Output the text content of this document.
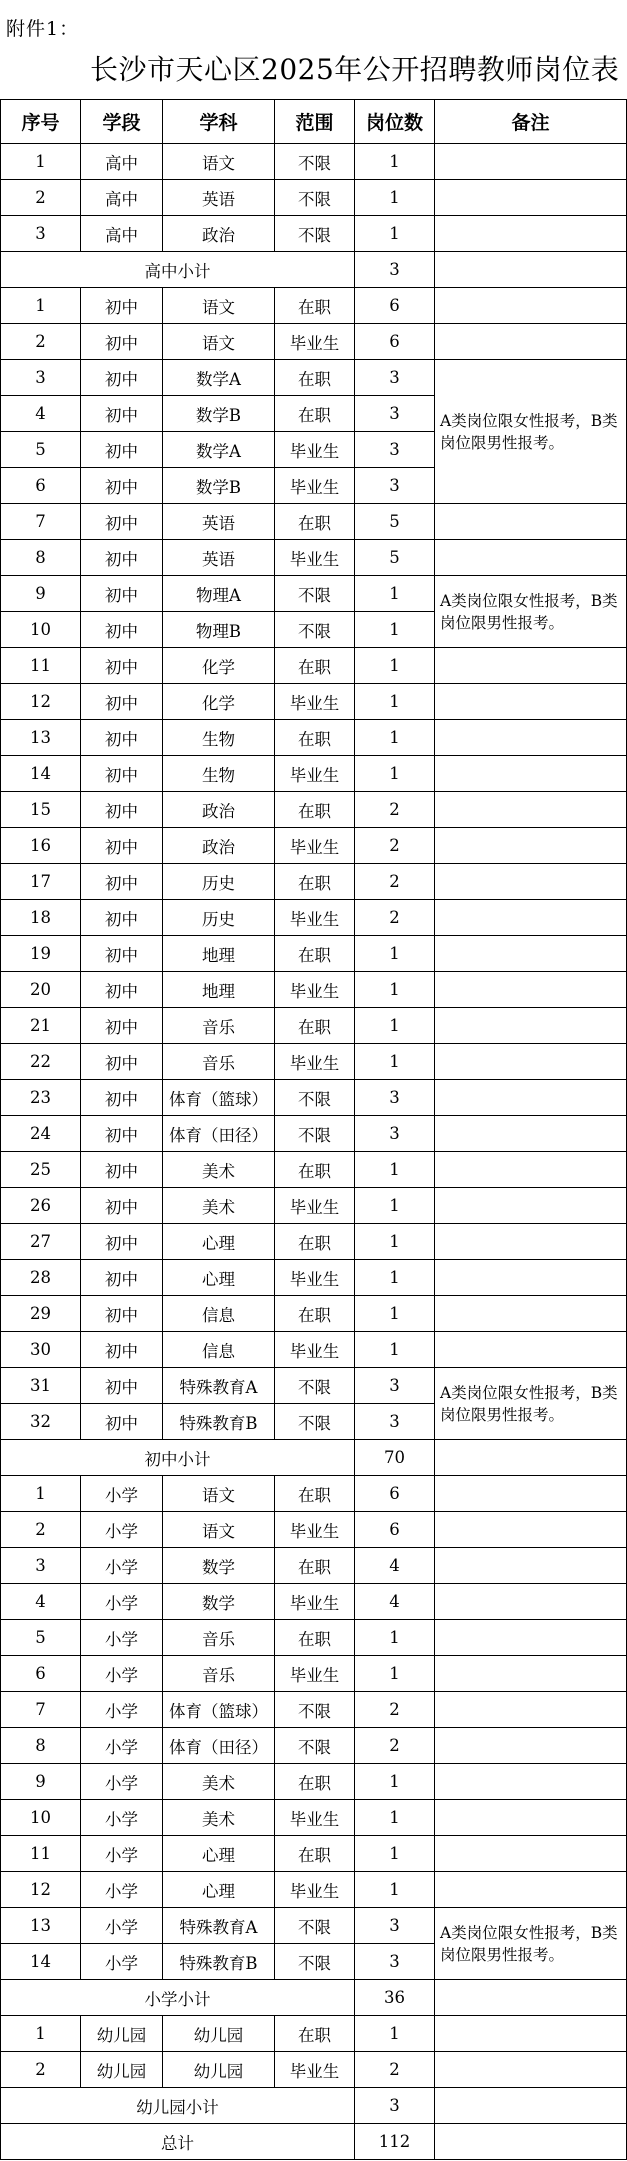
附件1：
长沙市天心区2025年公开招聘教师岗位表
序号	学段	学科	范围	岗位数	备注
1	高中	语文	不限	1	
2	高中	英语	不限	1	
3	高中	政治	不限	1	
高中小计				3	
1	初中	语文	在职	6	
2	初中	语文	毕业生	6	
3	初中	数学A	在职	3	A类岗位限女性报考，B类岗位限男性报考。
4	初中	数学B	在职	3	
5	初中	数学A	毕业生	3	
6	初中	数学B	毕业生	3	
7	初中	英语	在职	5	
8	初中	英语	毕业生	5	
9	初中	物理A	不限	1	A类岗位限女性报考，B类岗位限男性报考。
10	初中	物理B	不限	1	
11	初中	化学	在职	1	
12	初中	化学	毕业生	1	
13	初中	生物	在职	1	
14	初中	生物	毕业生	1	
15	初中	政治	在职	2	
16	初中	政治	毕业生	2	
17	初中	历史	在职	2	
18	初中	历史	毕业生	2	
19	初中	地理	在职	1	
20	初中	地理	毕业生	1	
21	初中	音乐	在职	1	
22	初中	音乐	毕业生	1	
23	初中	体育（篮球）	不限	3	
24	初中	体育（田径）	不限	3	
25	初中	美术	在职	1	
26	初中	美术	毕业生	1	
27	初中	心理	在职	1	
28	初中	心理	毕业生	1	
29	初中	信息	在职	1	
30	初中	信息	毕业生	1	
31	初中	特殊教育A	不限	3	A类岗位限女性报考，B类岗位限男性报考。
32	初中	特殊教育B	不限	3	
初中小计				70	
1	小学	语文	在职	6	
2	小学	语文	毕业生	6	
3	小学	数学	在职	4	
4	小学	数学	毕业生	4	
5	小学	音乐	在职	1	
6	小学	音乐	毕业生	1	
7	小学	体育（篮球）	不限	2	
8	小学	体育（田径）	不限	2	
9	小学	美术	在职	1	
10	小学	美术	毕业生	1	
11	小学	心理	在职	1	
12	小学	心理	毕业生	1	
13	小学	特殊教育A	不限	3	A类岗位限女性报考，B类岗位限男性报考。
14	小学	特殊教育B	不限	3	
小学小计				36	
1	幼儿园	幼儿园	在职	1	
2	幼儿园	幼儿园	毕业生	2	
幼儿园小计				3	
总计				112	
